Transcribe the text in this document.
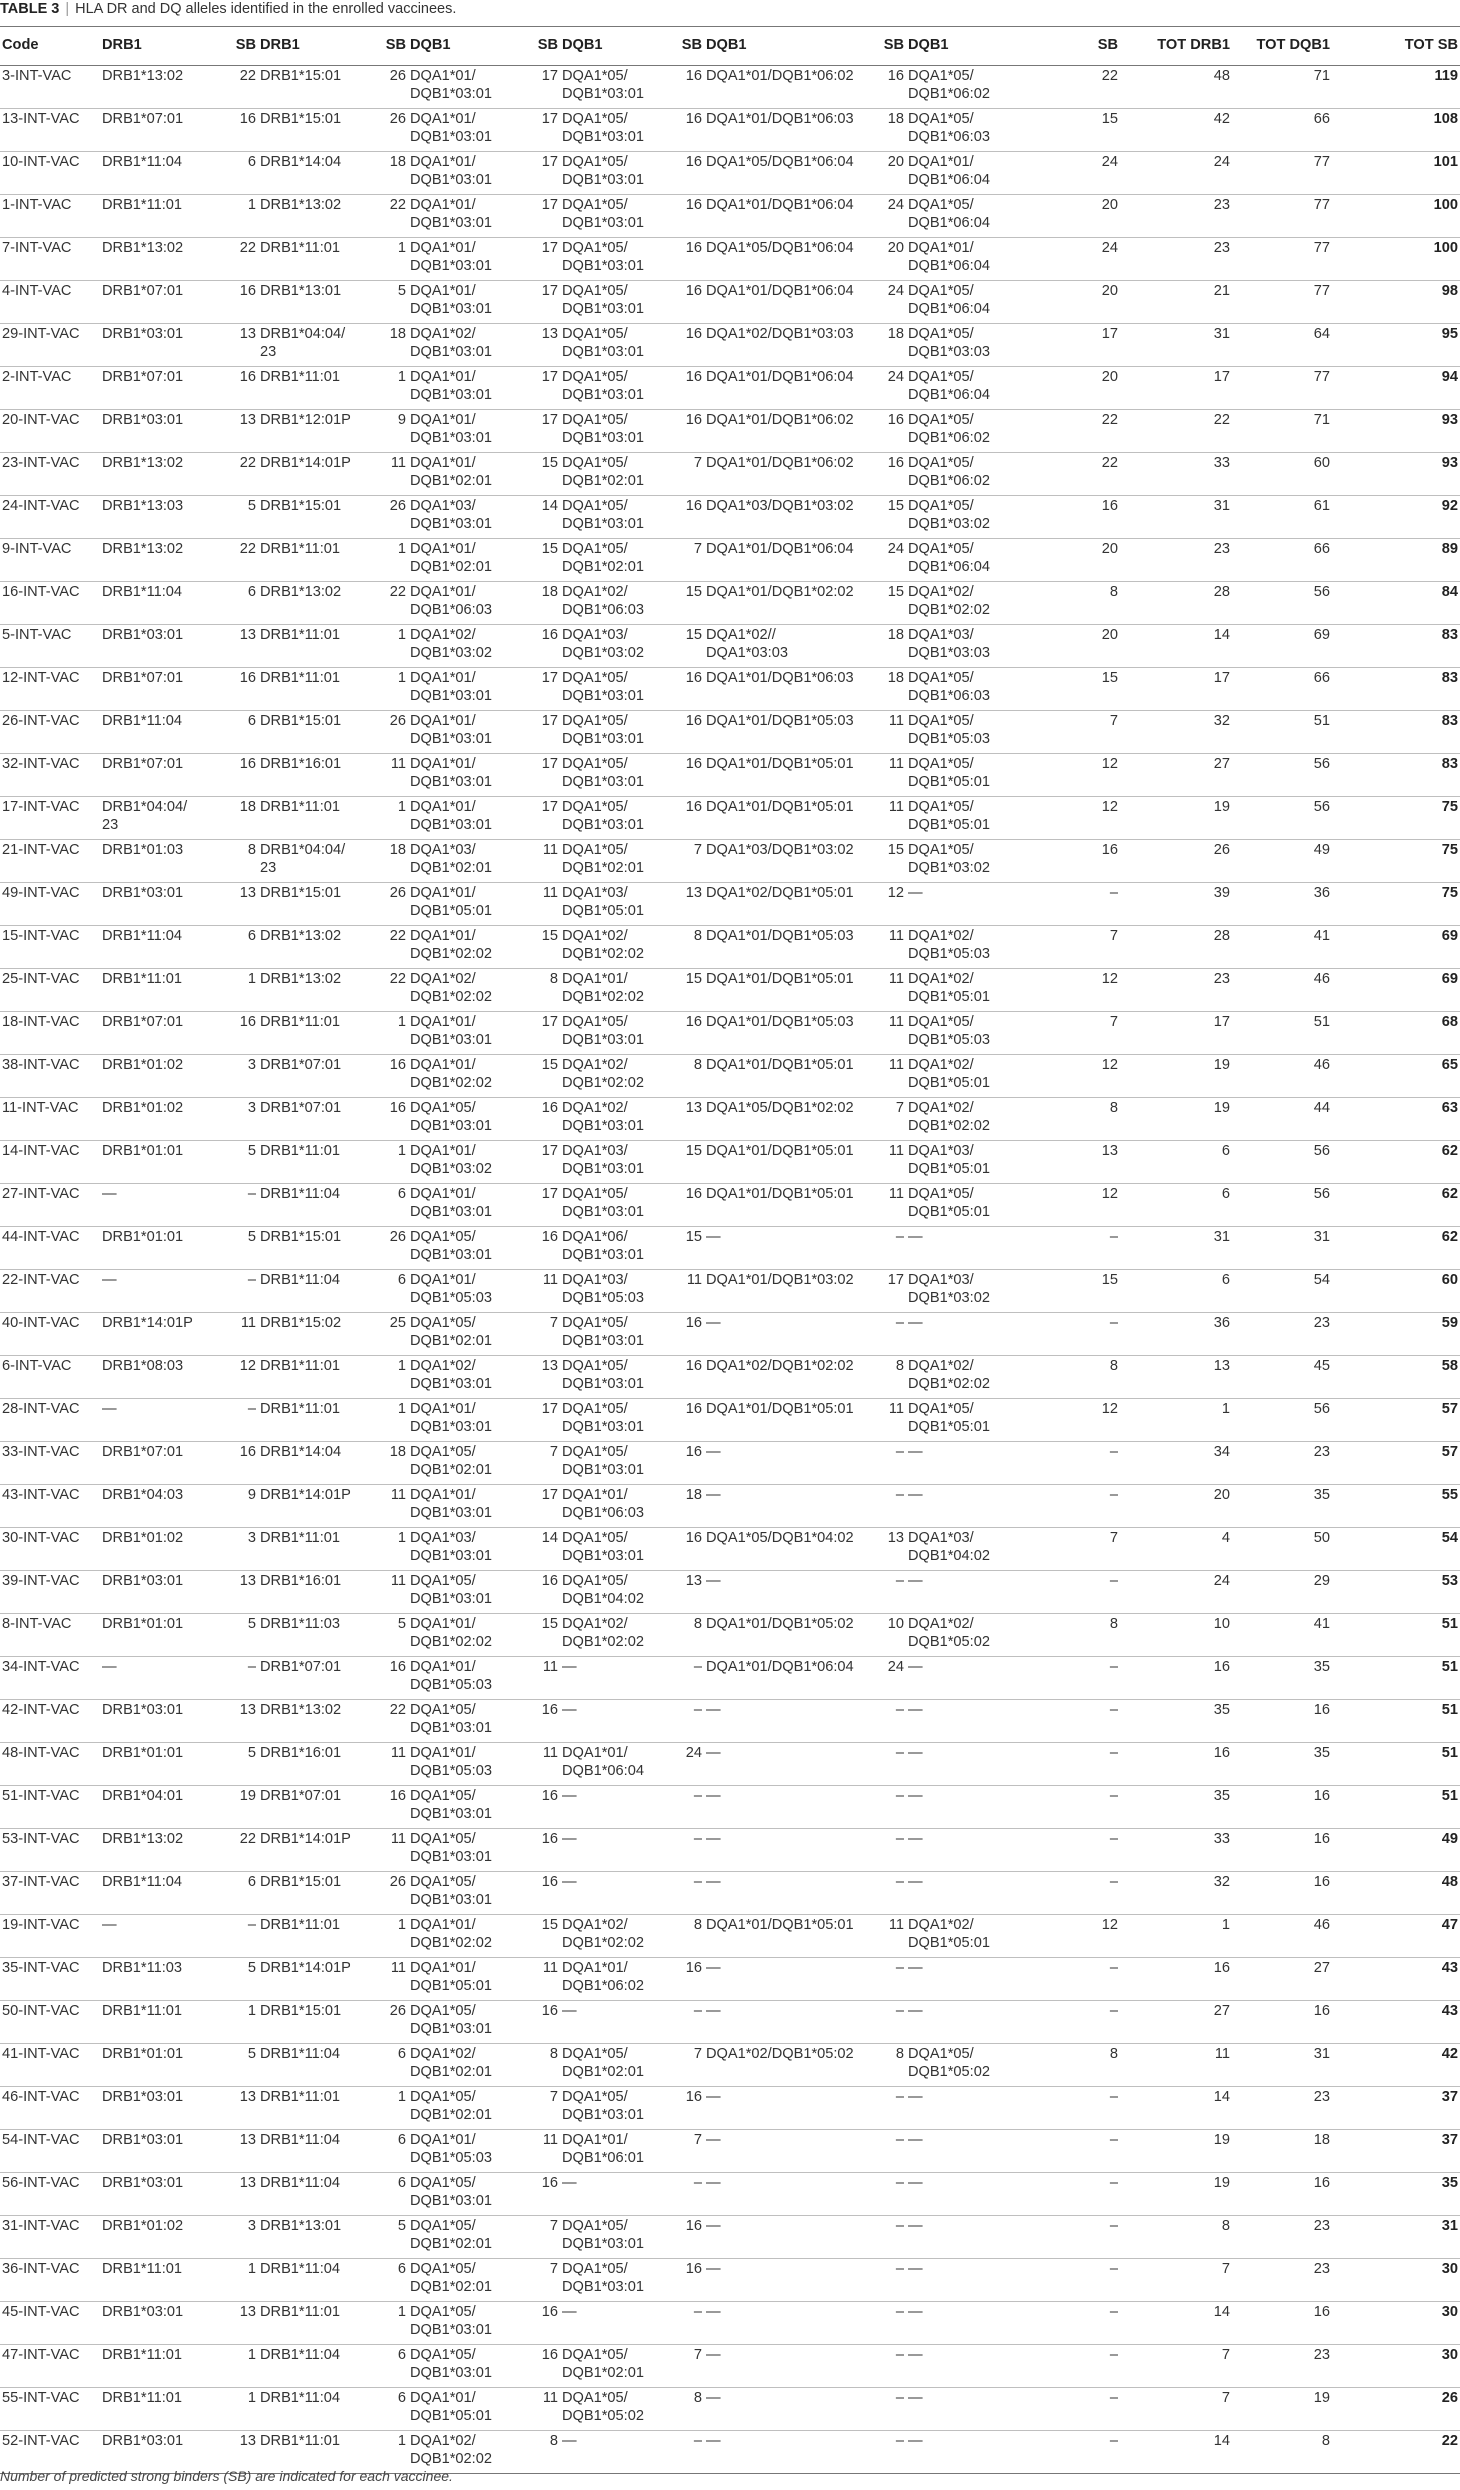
TABLE 3 | HLA DR and DQ alleles identified in the enrolled vaccinees.
Code	DRB1	SB	DRB1	SB	DQB1	SB	DQB1	SB	DQB1	SB	DQB1	SB	TOT DRB1	TOT DQB1	TOT SB
3-INT-VAC	DRB1*13:02	22	DRB1*15:01	26	DQA1*01/
DQB1*03:01	17	DQA1*05/
DQB1*03:01	16	DQA1*01/DQB1*06:02	16	DQA1*05/
DQB1*06:02	22	48	71	119
13-INT-VAC	DRB1*07:01	16	DRB1*15:01	26	DQA1*01/
DQB1*03:01	17	DQA1*05/
DQB1*03:01	16	DQA1*01/DQB1*06:03	18	DQA1*05/
DQB1*06:03	15	42	66	108
10-INT-VAC	DRB1*11:04	6	DRB1*14:04	18	DQA1*01/
DQB1*03:01	17	DQA1*05/
DQB1*03:01	16	DQA1*05/DQB1*06:04	20	DQA1*01/
DQB1*06:04	24	24	77	101
1-INT-VAC	DRB1*11:01	1	DRB1*13:02	22	DQA1*01/
DQB1*03:01	17	DQA1*05/
DQB1*03:01	16	DQA1*01/DQB1*06:04	24	DQA1*05/
DQB1*06:04	20	23	77	100
7-INT-VAC	DRB1*13:02	22	DRB1*11:01	1	DQA1*01/
DQB1*03:01	17	DQA1*05/
DQB1*03:01	16	DQA1*05/DQB1*06:04	20	DQA1*01/
DQB1*06:04	24	23	77	100
4-INT-VAC	DRB1*07:01	16	DRB1*13:01	5	DQA1*01/
DQB1*03:01	17	DQA1*05/
DQB1*03:01	16	DQA1*01/DQB1*06:04	24	DQA1*05/
DQB1*06:04	20	21	77	98
29-INT-VAC	DRB1*03:01	13	DRB1*04:04/
23	18	DQA1*02/
DQB1*03:01	13	DQA1*05/
DQB1*03:01	16	DQA1*02/DQB1*03:03	18	DQA1*05/
DQB1*03:03	17	31	64	95
2-INT-VAC	DRB1*07:01	16	DRB1*11:01	1	DQA1*01/
DQB1*03:01	17	DQA1*05/
DQB1*03:01	16	DQA1*01/DQB1*06:04	24	DQA1*05/
DQB1*06:04	20	17	77	94
20-INT-VAC	DRB1*03:01	13	DRB1*12:01P	9	DQA1*01/
DQB1*03:01	17	DQA1*05/
DQB1*03:01	16	DQA1*01/DQB1*06:02	16	DQA1*05/
DQB1*06:02	22	22	71	93
23-INT-VAC	DRB1*13:02	22	DRB1*14:01P	11	DQA1*01/
DQB1*02:01	15	DQA1*05/
DQB1*02:01	7	DQA1*01/DQB1*06:02	16	DQA1*05/
DQB1*06:02	22	33	60	93
24-INT-VAC	DRB1*13:03	5	DRB1*15:01	26	DQA1*03/
DQB1*03:01	14	DQA1*05/
DQB1*03:01	16	DQA1*03/DQB1*03:02	15	DQA1*05/
DQB1*03:02	16	31	61	92
9-INT-VAC	DRB1*13:02	22	DRB1*11:01	1	DQA1*01/
DQB1*02:01	15	DQA1*05/
DQB1*02:01	7	DQA1*01/DQB1*06:04	24	DQA1*05/
DQB1*06:04	20	23	66	89
16-INT-VAC	DRB1*11:04	6	DRB1*13:02	22	DQA1*01/
DQB1*06:03	18	DQA1*02/
DQB1*06:03	15	DQA1*01/DQB1*02:02	15	DQA1*02/
DQB1*02:02	8	28	56	84
5-INT-VAC	DRB1*03:01	13	DRB1*11:01	1	DQA1*02/
DQB1*03:02	16	DQA1*03/
DQB1*03:02	15	DQA1*02//
DQA1*03:03	18	DQA1*03/
DQB1*03:03	20	14	69	83
12-INT-VAC	DRB1*07:01	16	DRB1*11:01	1	DQA1*01/
DQB1*03:01	17	DQA1*05/
DQB1*03:01	16	DQA1*01/DQB1*06:03	18	DQA1*05/
DQB1*06:03	15	17	66	83
26-INT-VAC	DRB1*11:04	6	DRB1*15:01	26	DQA1*01/
DQB1*03:01	17	DQA1*05/
DQB1*03:01	16	DQA1*01/DQB1*05:03	11	DQA1*05/
DQB1*05:03	7	32	51	83
32-INT-VAC	DRB1*07:01	16	DRB1*16:01	11	DQA1*01/
DQB1*03:01	17	DQA1*05/
DQB1*03:01	16	DQA1*01/DQB1*05:01	11	DQA1*05/
DQB1*05:01	12	27	56	83
17-INT-VAC	DRB1*04:04/
23	18	DRB1*11:01	1	DQA1*01/
DQB1*03:01	17	DQA1*05/
DQB1*03:01	16	DQA1*01/DQB1*05:01	11	DQA1*05/
DQB1*05:01	12	19	56	75
21-INT-VAC	DRB1*01:03	8	DRB1*04:04/
23	18	DQA1*03/
DQB1*02:01	11	DQA1*05/
DQB1*02:01	7	DQA1*03/DQB1*03:02	15	DQA1*05/
DQB1*03:02	16	26	49	75
49-INT-VAC	DRB1*03:01	13	DRB1*15:01	26	DQA1*01/
DQB1*05:01	11	DQA1*03/
DQB1*05:01	13	DQA1*02/DQB1*05:01	12	—	–	39	36	75
15-INT-VAC	DRB1*11:04	6	DRB1*13:02	22	DQA1*01/
DQB1*02:02	15	DQA1*02/
DQB1*02:02	8	DQA1*01/DQB1*05:03	11	DQA1*02/
DQB1*05:03	7	28	41	69
25-INT-VAC	DRB1*11:01	1	DRB1*13:02	22	DQA1*02/
DQB1*02:02	8	DQA1*01/
DQB1*02:02	15	DQA1*01/DQB1*05:01	11	DQA1*02/
DQB1*05:01	12	23	46	69
18-INT-VAC	DRB1*07:01	16	DRB1*11:01	1	DQA1*01/
DQB1*03:01	17	DQA1*05/
DQB1*03:01	16	DQA1*01/DQB1*05:03	11	DQA1*05/
DQB1*05:03	7	17	51	68
38-INT-VAC	DRB1*01:02	3	DRB1*07:01	16	DQA1*01/
DQB1*02:02	15	DQA1*02/
DQB1*02:02	8	DQA1*01/DQB1*05:01	11	DQA1*02/
DQB1*05:01	12	19	46	65
11-INT-VAC	DRB1*01:02	3	DRB1*07:01	16	DQA1*05/
DQB1*03:01	16	DQA1*02/
DQB1*03:01	13	DQA1*05/DQB1*02:02	7	DQA1*02/
DQB1*02:02	8	19	44	63
14-INT-VAC	DRB1*01:01	5	DRB1*11:01	1	DQA1*01/
DQB1*03:02	17	DQA1*03/
DQB1*03:01	15	DQA1*01/DQB1*05:01	11	DQA1*03/
DQB1*05:01	13	6	56	62
27-INT-VAC	—	–	DRB1*11:04	6	DQA1*01/
DQB1*03:01	17	DQA1*05/
DQB1*03:01	16	DQA1*01/DQB1*05:01	11	DQA1*05/
DQB1*05:01	12	6	56	62
44-INT-VAC	DRB1*01:01	5	DRB1*15:01	26	DQA1*05/
DQB1*03:01	16	DQA1*06/
DQB1*03:01	15	—	–	—	–	31	31	62
22-INT-VAC	—	–	DRB1*11:04	6	DQA1*01/
DQB1*05:03	11	DQA1*03/
DQB1*05:03	11	DQA1*01/DQB1*03:02	17	DQA1*03/
DQB1*03:02	15	6	54	60
40-INT-VAC	DRB1*14:01P	11	DRB1*15:02	25	DQA1*05/
DQB1*02:01	7	DQA1*05/
DQB1*03:01	16	—	–	—	–	36	23	59
6-INT-VAC	DRB1*08:03	12	DRB1*11:01	1	DQA1*02/
DQB1*03:01	13	DQA1*05/
DQB1*03:01	16	DQA1*02/DQB1*02:02	8	DQA1*02/
DQB1*02:02	8	13	45	58
28-INT-VAC	—	–	DRB1*11:01	1	DQA1*01/
DQB1*03:01	17	DQA1*05/
DQB1*03:01	16	DQA1*01/DQB1*05:01	11	DQA1*05/
DQB1*05:01	12	1	56	57
33-INT-VAC	DRB1*07:01	16	DRB1*14:04	18	DQA1*05/
DQB1*02:01	7	DQA1*05/
DQB1*03:01	16	—	–	—	–	34	23	57
43-INT-VAC	DRB1*04:03	9	DRB1*14:01P	11	DQA1*01/
DQB1*03:01	17	DQA1*01/
DQB1*06:03	18	—	–	—	–	20	35	55
30-INT-VAC	DRB1*01:02	3	DRB1*11:01	1	DQA1*03/
DQB1*03:01	14	DQA1*05/
DQB1*03:01	16	DQA1*05/DQB1*04:02	13	DQA1*03/
DQB1*04:02	7	4	50	54
39-INT-VAC	DRB1*03:01	13	DRB1*16:01	11	DQA1*05/
DQB1*03:01	16	DQA1*05/
DQB1*04:02	13	—	–	—	–	24	29	53
8-INT-VAC	DRB1*01:01	5	DRB1*11:03	5	DQA1*01/
DQB1*02:02	15	DQA1*02/
DQB1*02:02	8	DQA1*01/DQB1*05:02	10	DQA1*02/
DQB1*05:02	8	10	41	51
34-INT-VAC	—	–	DRB1*07:01	16	DQA1*01/
DQB1*05:03	11	—	–	DQA1*01/DQB1*06:04	24	—	–	16	35	51
42-INT-VAC	DRB1*03:01	13	DRB1*13:02	22	DQA1*05/
DQB1*03:01	16	—	–	—	–	—	–	35	16	51
48-INT-VAC	DRB1*01:01	5	DRB1*16:01	11	DQA1*01/
DQB1*05:03	11	DQA1*01/
DQB1*06:04	24	—	–	—	–	16	35	51
51-INT-VAC	DRB1*04:01	19	DRB1*07:01	16	DQA1*05/
DQB1*03:01	16	—	–	—	–	—	–	35	16	51
53-INT-VAC	DRB1*13:02	22	DRB1*14:01P	11	DQA1*05/
DQB1*03:01	16	—	–	—	–	—	–	33	16	49
37-INT-VAC	DRB1*11:04	6	DRB1*15:01	26	DQA1*05/
DQB1*03:01	16	—	–	—	–	—	–	32	16	48
19-INT-VAC	—	–	DRB1*11:01	1	DQA1*01/
DQB1*02:02	15	DQA1*02/
DQB1*02:02	8	DQA1*01/DQB1*05:01	11	DQA1*02/
DQB1*05:01	12	1	46	47
35-INT-VAC	DRB1*11:03	5	DRB1*14:01P	11	DQA1*01/
DQB1*05:01	11	DQA1*01/
DQB1*06:02	16	—	–	—	–	16	27	43
50-INT-VAC	DRB1*11:01	1	DRB1*15:01	26	DQA1*05/
DQB1*03:01	16	—	–	—	–	—	–	27	16	43
41-INT-VAC	DRB1*01:01	5	DRB1*11:04	6	DQA1*02/
DQB1*02:01	8	DQA1*05/
DQB1*02:01	7	DQA1*02/DQB1*05:02	8	DQA1*05/
DQB1*05:02	8	11	31	42
46-INT-VAC	DRB1*03:01	13	DRB1*11:01	1	DQA1*05/
DQB1*02:01	7	DQA1*05/
DQB1*03:01	16	—	–	—	–	14	23	37
54-INT-VAC	DRB1*03:01	13	DRB1*11:04	6	DQA1*01/
DQB1*05:03	11	DQA1*01/
DQB1*06:01	7	—	–	—	–	19	18	37
56-INT-VAC	DRB1*03:01	13	DRB1*11:04	6	DQA1*05/
DQB1*03:01	16	—	–	—	–	—	–	19	16	35
31-INT-VAC	DRB1*01:02	3	DRB1*13:01	5	DQA1*05/
DQB1*02:01	7	DQA1*05/
DQB1*03:01	16	—	–	—	–	8	23	31
36-INT-VAC	DRB1*11:01	1	DRB1*11:04	6	DQA1*05/
DQB1*02:01	7	DQA1*05/
DQB1*03:01	16	—	–	—	–	7	23	30
45-INT-VAC	DRB1*03:01	13	DRB1*11:01	1	DQA1*05/
DQB1*03:01	16	—	–	—	–	—	–	14	16	30
47-INT-VAC	DRB1*11:01	1	DRB1*11:04	6	DQA1*05/
DQB1*03:01	16	DQA1*05/
DQB1*02:01	7	—	–	—	–	7	23	30
55-INT-VAC	DRB1*11:01	1	DRB1*11:04	6	DQA1*01/
DQB1*05:01	11	DQA1*05/
DQB1*05:02	8	—	–	—	–	7	19	26
52-INT-VAC	DRB1*03:01	13	DRB1*11:01	1	DQA1*02/
DQB1*02:02	8	—	–	—	–	—	–	14	8	22
Number of predicted strong binders (SB) are indicated for each vaccinee.
